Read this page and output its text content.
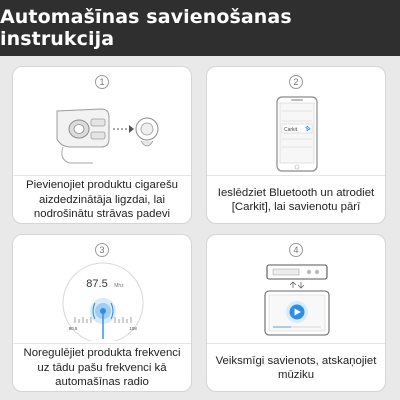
Automašīnas savienošanas instrukcija
1
Pievienojiet produktu cigarešu aizdedzinātāja ligzdai, lai nodrošinātu strāvas padevi
2
Carkit
Ieslēdziet Bluetooth un atrodiet [Carkit], lai savienotu pārī
3
87.5 Mhz
90.5	108
Noregulējiet produkta frekvenci uz tādu pašu frekvenci kā automašīnas radio
4
Veiksmīgi savienots, atskaņojiet mūziku
